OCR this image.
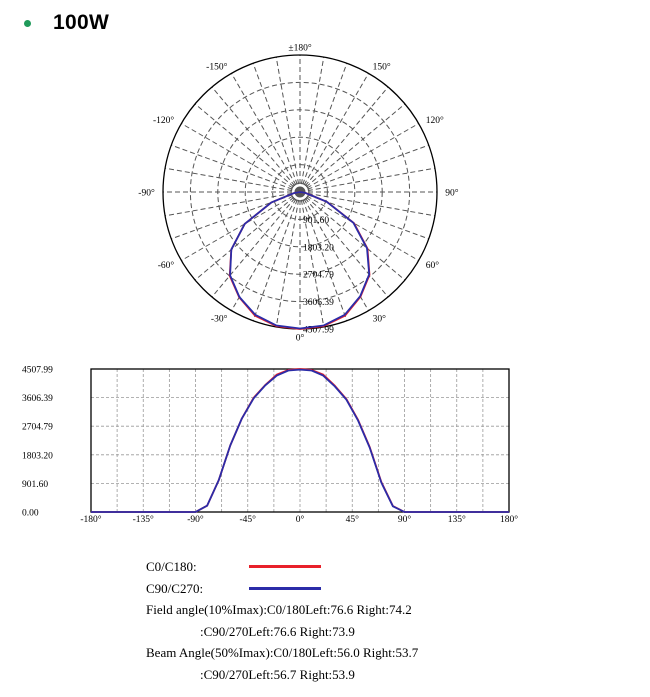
100W
901.60
1803.20
2704.79
3606.39
4507.99
±180°
150°
120°
90°
60°
30°
0°
-30°
-60°
-90°
-120°
-150°
0.00
901.60
1803.20
2704.79
3606.39
4507.99
-180°	-135°	-90°	-45°	0°	45°	90°	135°	180°
C0/C180:
C90/C270:
Field angle(10%Imax):C0/180Left:76.6 Right:74.2
:C90/270Left:76.6 Right:73.9
Beam Angle(50%Imax):C0/180Left:56.0 Right:53.7
:C90/270Left:56.7 Right:53.9
